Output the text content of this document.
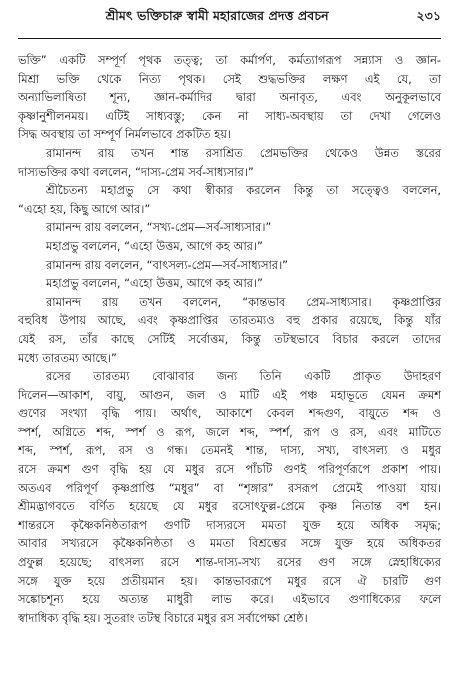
শ্রীমৎ ভক্তিচারু স্বামী মহারাজের প্রদত্ত প্রবচন	২৩১
ভক্তি” একটি সম্পূর্ণ পৃথক তত্ত্ব; তা কর্মার্পণ, কর্মত্যাগরূপ সন্ন্যাস ও জ্ঞান-
মিশ্রা ভক্তি থেকে নিত্য পৃথক। সেই শুদ্ধভক্তির লক্ষণ এই যে, তা
অন্যাভিলাষিতা শূন্য, জ্ঞান-কর্মাদির দ্বারা অনাবৃত, এবং অনুকূলভাবে
কৃষ্ণানুশীলনময়। এটিই সাধ্যবস্তু; কেন না সাধ্য-অবস্থায় তা দেখা গেলেও
সিদ্ধ অবস্থায় তা সম্পূর্ণ নির্মলভাবে প্রকটিত হয়।
রামানন্দ রায় তখন শান্ত রসাশ্রিত প্রেমভক্তির থেকেও উন্নত স্তরের
দাস্যভক্তির কথা বললেন, “দাস্য-প্রেম সর্ব-সাধ্যসার।”
শ্রীচৈতন্য মহাপ্রভু সে কথা স্বীকার করলেন কিন্তু তা সত্ত্বেও বললেন,
“এহো হয়, কিছু আগে আর।”
রামানন্দ রায় বললেন, “সখ্য-প্রেম—সর্ব-সাধ্যসার।”
মহাপ্রভু বললেন, “এহো উত্তম, আগে কহ আর।”
রামানন্দ রায় বললেন, “বাৎসল্য-প্রেম—সর্ব-সাধ্যসার।”
মহাপ্রভু বললেন, “এহো উত্তম, আগে কহ আর।”
রামানন্দ রায় তখন বললেন, “কান্তভাব প্রেম-সাধ্যসার। কৃষ্ণপ্রাপ্তির
বহুবিধ উপায় আছে, এবং কৃষ্ণপ্রাপ্তির তারতম্যও বহু প্রকার রয়েছে, কিন্তু যাঁর
যেই রস, তাঁর কাছে সেটিই সর্বোত্তম, কিন্তু তটস্থভাবে বিচার করলে তাদের
মধ্যে তারতম্য আছে।”
রসের তারতম্য বোঝাবার জন্য তিনি একটি প্রাকৃত উদাহরণ
দিলেন—আকাশ, বায়ু, আগুন, জল ও মাটি এই পঞ্চ মহাভূতে যেমন ক্রমশ
গুণের সংখ্যা বৃদ্ধি পায়। অর্থাৎ, আকাশে কেবল শব্দগুণ, বায়ুতে শব্দ ও
স্পর্শ, অগ্নিতে শব্দ, স্পর্শ ও রূপ, জলে শব্দ, স্পর্শ, রূপ ও রস, এবং মাটিতে
শব্দ, স্পর্শ, রূপ, রস ও গন্ধ। তেমনই শান্ত, দাস্য, সখ্য, বাৎসল্য ও মধুর
রসে ক্রমশ গুণ বৃদ্ধি হয় যে মধুর রসে পাঁচটি গুণই পরিপূর্ণরূপে প্রকাশ পায়।
অতএব পরিপূর্ণ কৃষ্ণপ্রাপ্তি “মধুর” বা “শৃঙ্গার” রসরূপ প্রেমেই পাওয়া যায়।
শ্রীমদ্ভাগবতে বর্ণিত হয়েছে যে মধুর রসোৎফুল্ল-প্রেমে কৃষ্ণ নিতান্ত বশ হন।
শান্তরসে কৃষ্ণৈকনিষ্ঠতারূপ গুণটি দাস্যরসে মমতা যুক্ত হয়ে অধিক সমৃদ্ধ;
আবার সখ্যরসে কৃষ্ণৈকনিষ্ঠতা ও মমতা বিশ্রম্ভের সঙ্গে যুক্ত হয়ে অধিকতর
প্রফুল্ল হয়েছে; বাৎসল্য রসে শান্ত-দাস্য-সখ্য রসের গুণ সঙ্গে স্নেহাধিক্যের
সঙ্গে যুক্ত হয়ে প্রতীয়মান হয়। কান্তভাবরূপে মধুর রসে ঐ চারটি গুণ
সঙ্কোচশূন্য হয়ে অত্যন্ত মাধুরী লাভ করে। এইভাবে গুণাধিক্যের ফলে
স্বাদাধিক্য বৃদ্ধি হয়। সুতরাং তটস্থ বিচারে মধুর রস সর্বাপেক্ষা শ্রেষ্ঠ।
